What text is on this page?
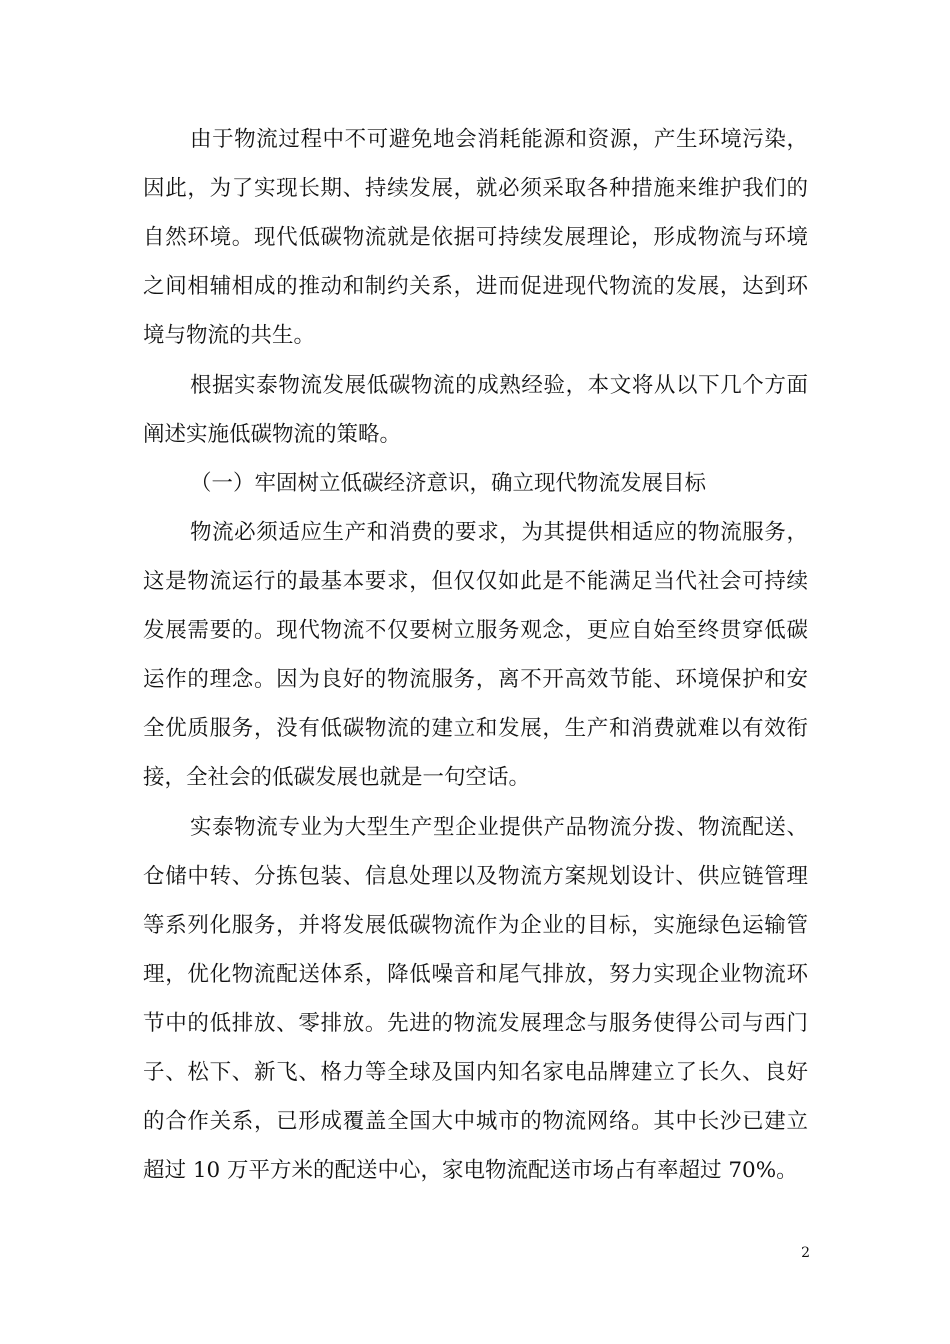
由于物流过程中不可避免地会消耗能源和资源，产生环境污染，
因此，为了实现长期、持续发展，就必须采取各种措施来维护我们的
自然环境。现代低碳物流就是依据可持续发展理论，形成物流与环境
之间相辅相成的推动和制约关系，进而促进现代物流的发展，达到环
境与物流的共生。
根据实泰物流发展低碳物流的成熟经验，本文将从以下几个方面
阐述实施低碳物流的策略。
（一）牢固树立低碳经济意识，确立现代物流发展目标
物流必须适应生产和消费的要求，为其提供相适应的物流服务，
这是物流运行的最基本要求，但仅仅如此是不能满足当代社会可持续
发展需要的。现代物流不仅要树立服务观念，更应自始至终贯穿低碳
运作的理念。因为良好的物流服务，离不开高效节能、环境保护和安
全优质服务，没有低碳物流的建立和发展，生产和消费就难以有效衔
接，全社会的低碳发展也就是一句空话。
实泰物流专业为大型生产型企业提供产品物流分拨、物流配送、
仓储中转、分拣包装、信息处理以及物流方案规划设计、供应链管理
等系列化服务，并将发展低碳物流作为企业的目标，实施绿色运输管
理，优化物流配送体系，降低噪音和尾气排放，努力实现企业物流环
节中的低排放、零排放。先进的物流发展理念与服务使得公司与西门
子、松下、新飞、格力等全球及国内知名家电品牌建立了长久、良好
的合作关系，已形成覆盖全国大中城市的物流网络。其中长沙已建立
超过 10 万平方米的配送中心，家电物流配送市场占有率超过 70%。
2
